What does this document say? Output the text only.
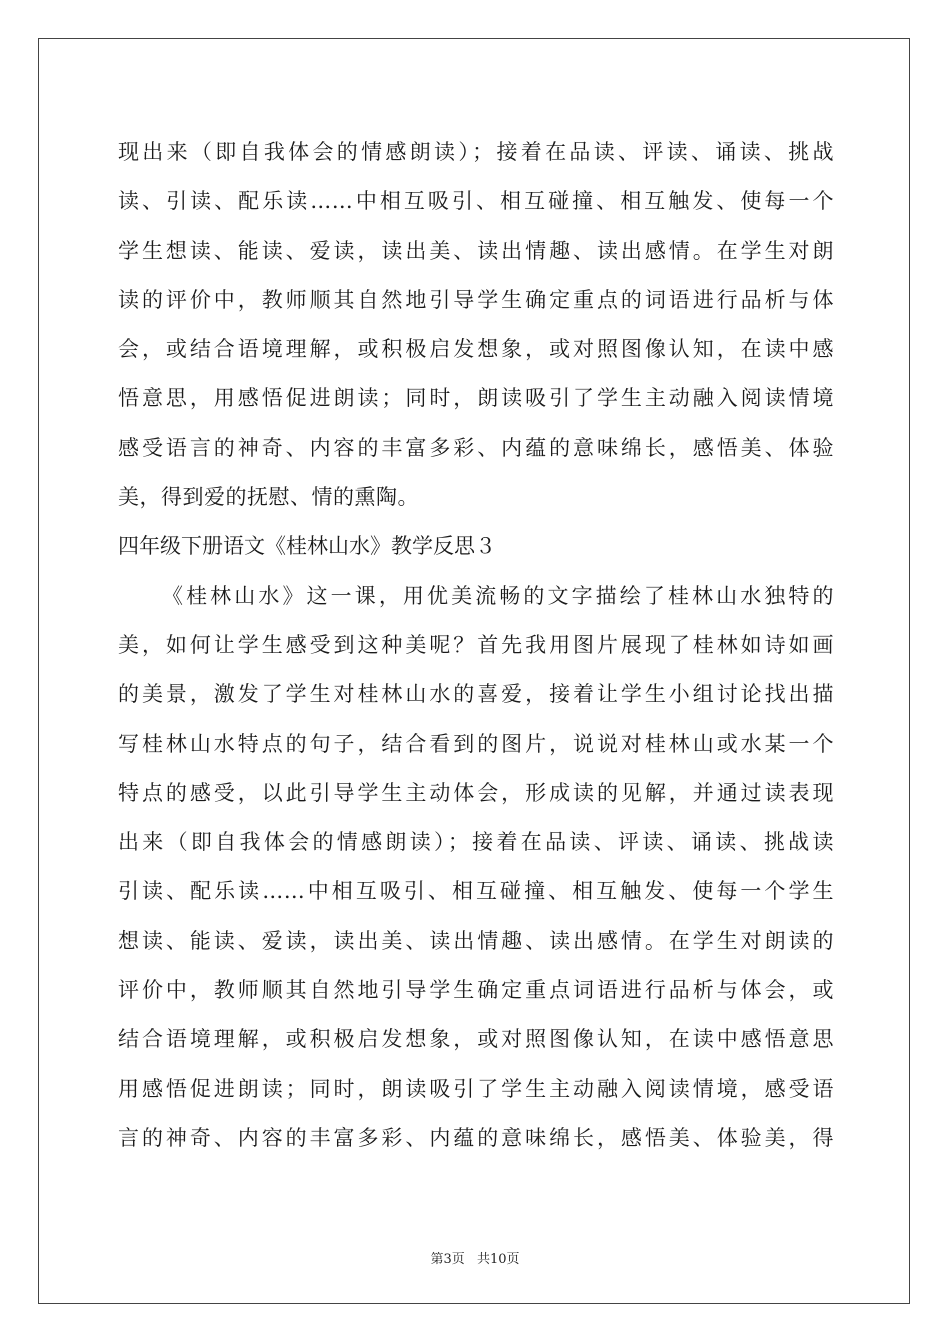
现出来（即自我体会的情感朗读）；接着在品读、评读、诵读、挑战
读、引读、配乐读……中相互吸引、相互碰撞、相互触发、使每一个
学生想读、能读、爱读，读出美、读出情趣、读出感情。在学生对朗
读的评价中，教师顺其自然地引导学生确定重点的词语进行品析与体
会，或结合语境理解，或积极启发想象，或对照图像认知，在读中感
悟意思，用感悟促进朗读；同时，朗读吸引了学生主动融入阅读情境
感受语言的神奇、内容的丰富多彩、内蕴的意味绵长，感悟美、体验
美，得到爱的抚慰、情的熏陶。
四年级下册语文《桂林山水》教学反思３
《桂林山水》这一课，用优美流畅的文字描绘了桂林山水独特的
美，如何让学生感受到这种美呢？首先我用图片展现了桂林如诗如画
的美景，激发了学生对桂林山水的喜爱，接着让学生小组讨论找出描
写桂林山水特点的句子，结合看到的图片，说说对桂林山或水某一个
特点的感受，以此引导学生主动体会，形成读的见解，并通过读表现
出来（即自我体会的情感朗读）；接着在品读、评读、诵读、挑战读
引读、配乐读……中相互吸引、相互碰撞、相互触发、使每一个学生
想读、能读、爱读，读出美、读出情趣、读出感情。在学生对朗读的
评价中，教师顺其自然地引导学生确定重点词语进行品析与体会，或
结合语境理解，或积极启发想象，或对照图像认知，在读中感悟意思
用感悟促进朗读；同时，朗读吸引了学生主动融入阅读情境，感受语
言的神奇、内容的丰富多彩、内蕴的意味绵长，感悟美、体验美，得
第3页 共10页
